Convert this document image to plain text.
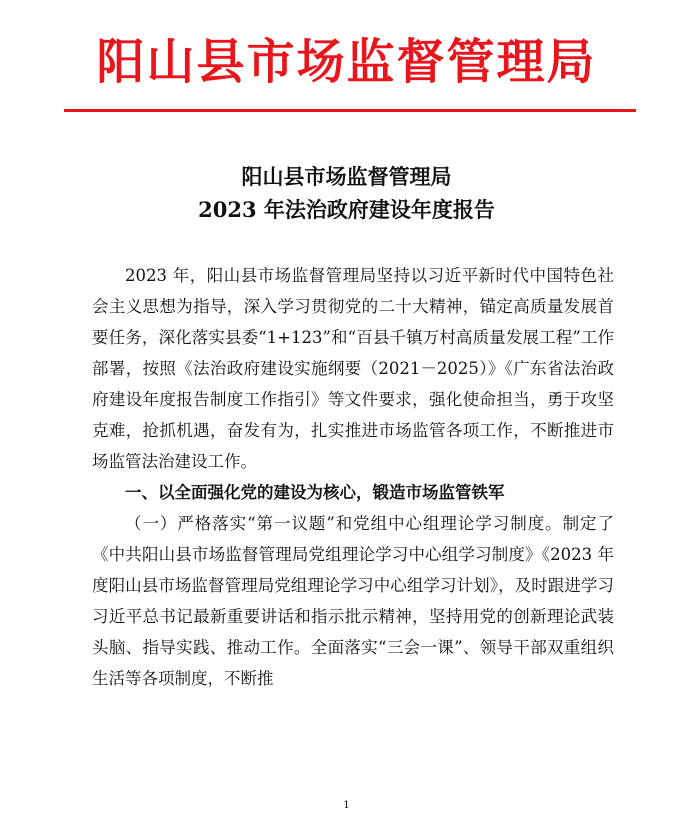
阳山县市场监督管理局
阳山县市场监督管理局
2023 年法治政府建设年度报告

2023 年，阳山县市场监督管理局坚持以习近平新时代中国特色社会主义思想为指导，深入学习贯彻党的二十大精神，锚定高质量发展首要任务，深化落实县委“1+123”和“百县千镇万村高质量发展工程”工作部署，按照《法治政府建设实施纲要（2021－2025）》《广东省法治政府建设年度报告制度工作指引》等文件要求，强化使命担当，勇于攻坚克难，抢抓机遇，奋发有为，扎实推进市场监管各项工作，不断推进市场监管法治建设工作。

一、以全面强化党的建设为核心，锻造市场监管铁军

（一）严格落实“第一议题”和党组中心组理论学习制度。制定了《中共阳山县市场监督管理局党组理论学习中心组学习制度》《2023 年度阳山县市场监督管理局党组理论学习中心组学习计划》，及时跟进学习习近平总书记最新重要讲话和指示批示精神，坚持用党的创新理论武装头脑、指导实践、推动工作。全面落实“三会一课”、领导干部双重组织生活等各项制度，不断推

1
